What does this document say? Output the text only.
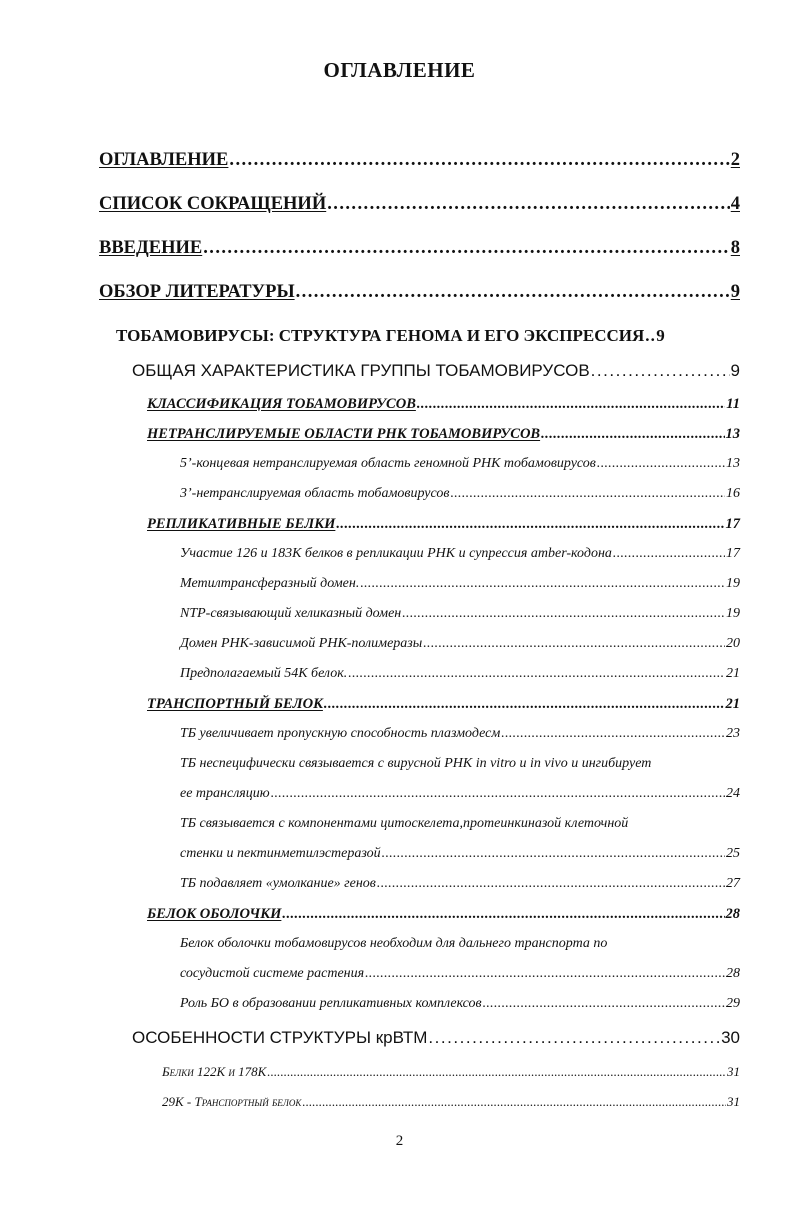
ОГЛАВЛЕНИЕ
ОГЛАВЛЕНИЕ . . .	2
СПИСОК СОКРАЩЕНИЙ . . .	4
ВВЕДЕНИЕ . . .	8
ОБЗОР ЛИТЕРАТУРЫ . . .	9
ТОБАМОВИРУСЫ: СТРУКТУРА ГЕНОМА И ЕГО ЭКСПРЕССИЯ . . . 9
ОБЩАЯ ХАРАКТЕРИСТИКА ГРУППЫ ТОБАМОВИРУСОВ . . .	9
КЛАССИФИКАЦИЯ ТОБАМОВИРУСОВ . . .	11
НЕТРАНСЛИРУЕМЫЕ ОБЛАСТИ РНК ТОБАМОВИРУСОВ . . .	13
5’-концевая нетранслируемая область геномной РНК тобамовирусов . . .	13
3’-нетранслируемая область тобамовирусов . . .	16
РЕПЛИКАТИВНЫЕ БЕЛКИ . . .	17
Участие 126 и 183К белков в репликации РНК и супрессия amber-кодона . . .	17
Метилтрансферазный домен. . . .	19
NTP-связывающий хеликазный домен . . .	19
Домен РНК-зависимой РНК-полимеразы . . .	20
Предполагаемый 54К белок. . . .	21
ТРАНСПОРТНЫЙ БЕЛОК . . .	21
ТБ увеличивает пропускную способность плазмодесм . . .	23
ТБ неспецифически связывается с вирусной РНК in vitro и in vivo и ингибирует
ее трансляцию . . .	24
ТБ связывается с компонентами цитоскелета,протеинкиназой клеточной
стенки и пектинметилэстеразой . . .	25
ТБ подавляет «умолкание» генов . . .	27
БЕЛОК ОБОЛОЧКИ . . .	28
Белок оболочки тобамовирусов необходим для дальнего транспорта по
сосудистой системе растения . . .	28
Роль БО в образовании репликативных комплексов . . .	29
ОСОБЕННОСТИ СТРУКТУРЫ крВТМ . . .	30
Белки 122К и 178К . . .	31
29К - Транспортный белок . . .	31
2
